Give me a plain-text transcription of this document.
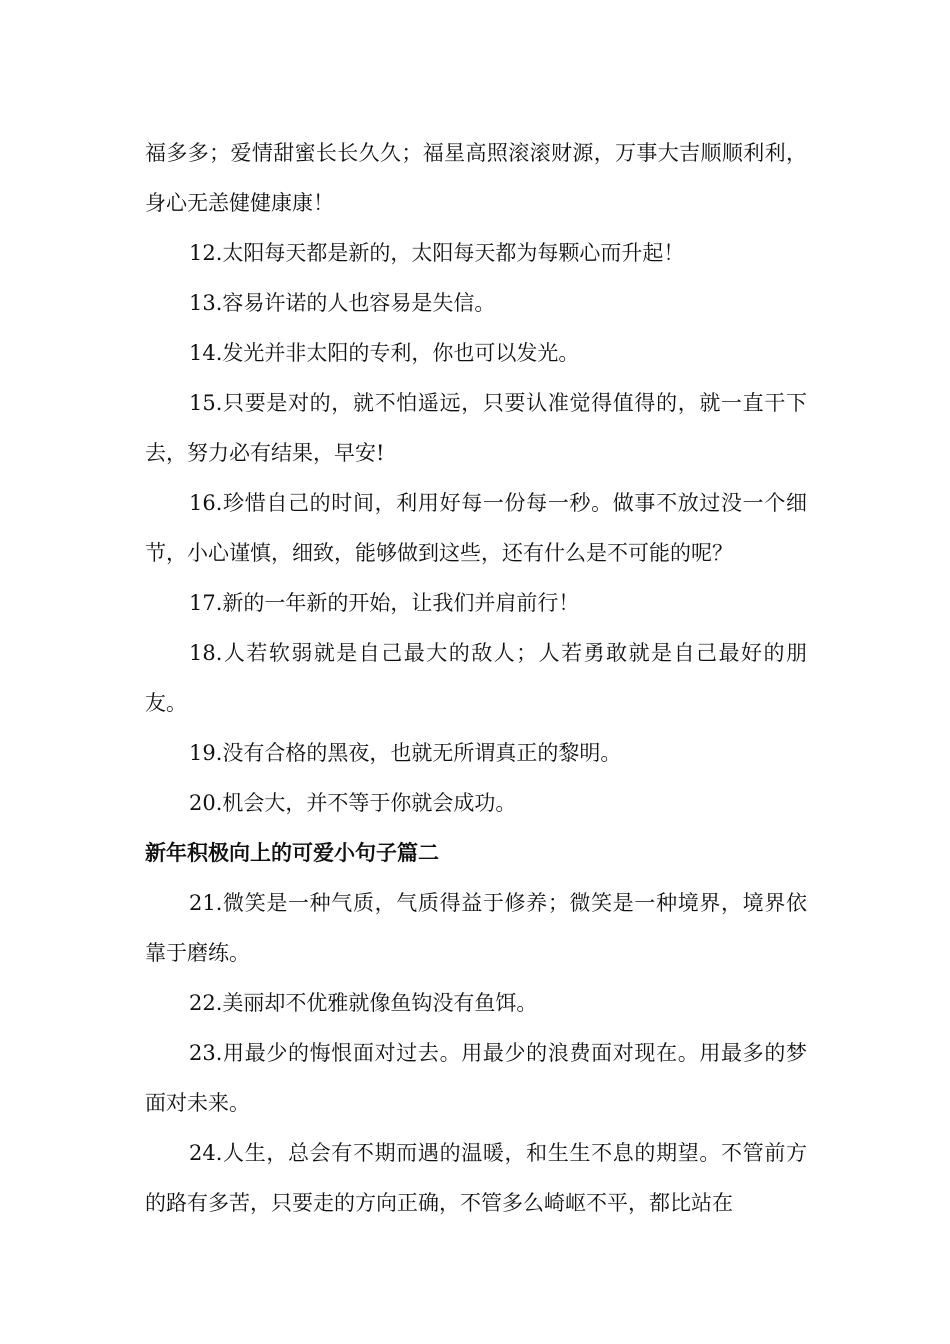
福多多；爱情甜蜜长长久久；福星高照滚滚财源，万事大吉顺顺利利，身心无恙健健康康！

12.太阳每天都是新的，太阳每天都为每颗心而升起！

13.容易许诺的人也容易是失信。

14.发光并非太阳的专利，你也可以发光。

15.只要是对的，就不怕遥远，只要认准觉得值得的，就一直干下去，努力必有结果，早安!

16.珍惜自己的时间，利用好每一份每一秒。做事不放过没一个细节，小心谨慎，细致，能够做到这些，还有什么是不可能的呢？

17.新的一年新的开始，让我们并肩前行！

18.人若软弱就是自己最大的敌人；人若勇敢就是自己最好的朋友。

19.没有合格的黑夜，也就无所谓真正的黎明。

20.机会大，并不等于你就会成功。

新年积极向上的可爱小句子篇二

21.微笑是一种气质，气质得益于修养；微笑是一种境界，境界依靠于磨练。

22.美丽却不优雅就像鱼钩没有鱼饵。

23.用最少的悔恨面对过去。用最少的浪费面对现在。用最多的梦面对未来。

24.人生，总会有不期而遇的温暖，和生生不息的期望。不管前方的路有多苦，只要走的方向正确，不管多么崎岖不平，都比站在
